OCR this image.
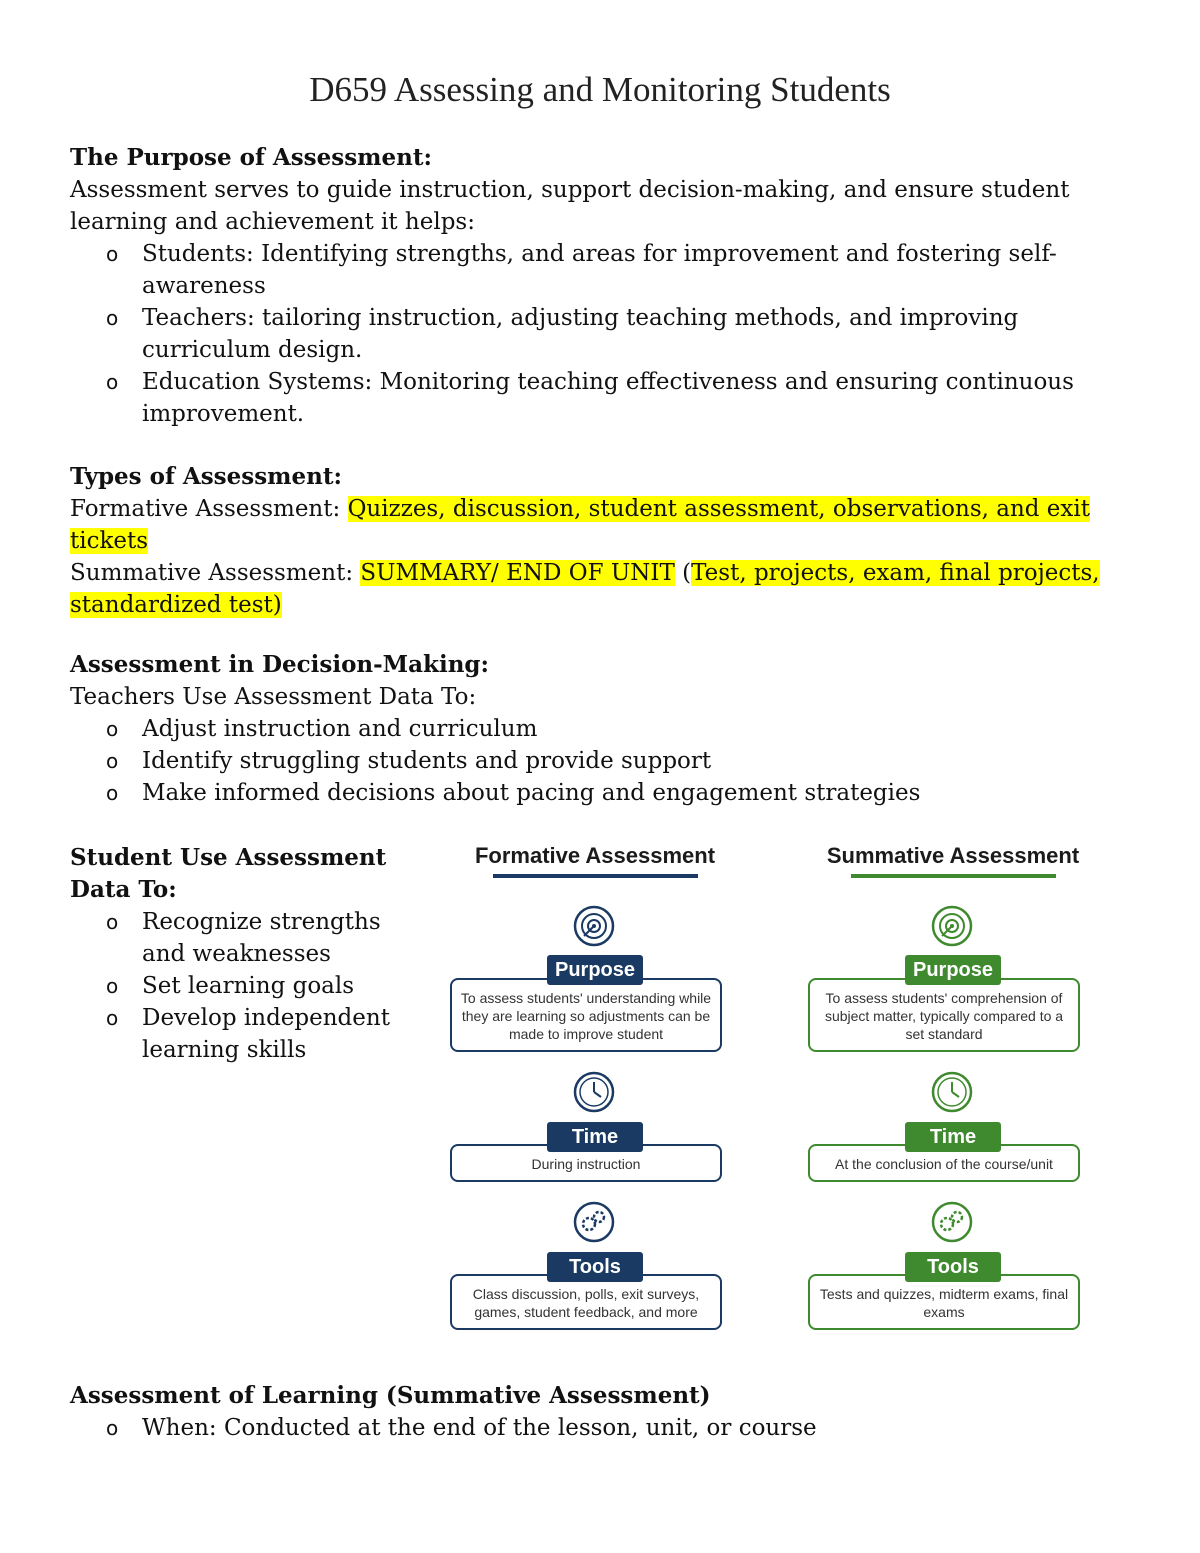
D659 Assessing and Monitoring Students
The Purpose of Assessment:
Assessment serves to guide instruction, support decision-making, and ensure student learning and achievement it helps:
o Students: Identifying strengths, and areas for improvement and fostering self-awareness
o Teachers: tailoring instruction, adjusting teaching methods, and improving curriculum design.
o Education Systems: Monitoring teaching effectiveness and ensuring continuous improvement.
Types of Assessment:
Formative Assessment: Quizzes, discussion, student assessment, observations, and exit tickets
Summative Assessment: SUMMARY/ END OF UNIT (Test, projects, exam, final projects, standardized test)
Assessment in Decision-Making:
Teachers Use Assessment Data To:
o Adjust instruction and curriculum
o Identify struggling students and provide support
o Make informed decisions about pacing and engagement strategies
Student Use Assessment Data To:
o Recognize strengths and weaknesses
o Set learning goals
o Develop independent learning skills
Formative Assessment
Purpose
To assess students' understanding while they are learning so adjustments can be made to improve student
Time
During instruction
Tools
Class discussion, polls, exit surveys, games, student feedback, and more
Summative Assessment
Purpose
To assess students' comprehension of subject matter, typically compared to a set standard
Time
At the conclusion of the course/unit
Tools
Tests and quizzes, midterm exams, final exams
Assessment of Learning (Summative Assessment)
o When: Conducted at the end of the lesson, unit, or course
